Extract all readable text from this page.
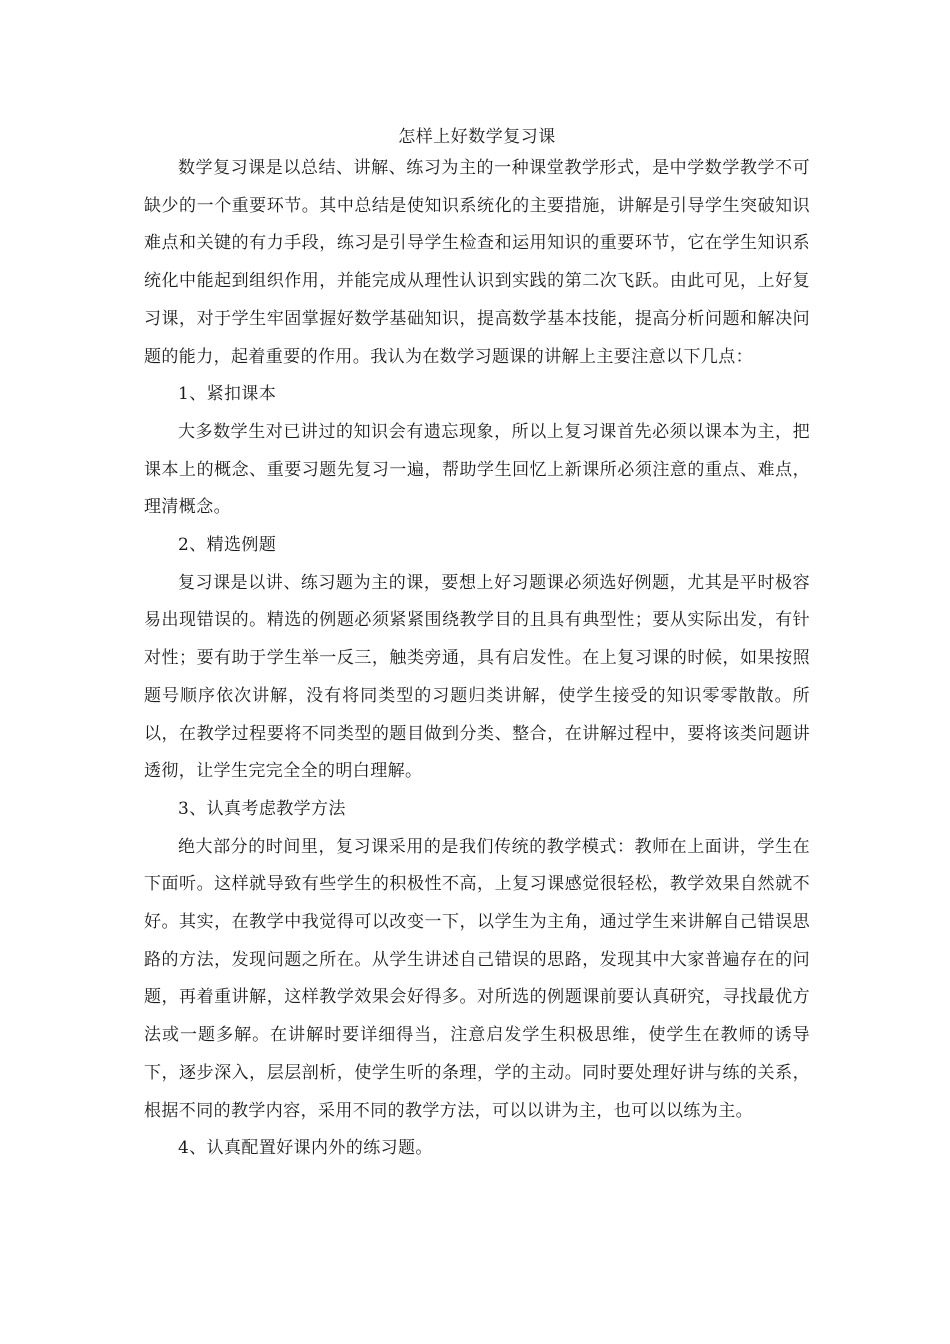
怎样上好数学复习课

数学复习课是以总结、讲解、练习为主的一种课堂教学形式，是中学数学教学不可缺少的一个重要环节。其中总结是使知识系统化的主要措施，讲解是引导学生突破知识难点和关键的有力手段，练习是引导学生检查和运用知识的重要环节，它在学生知识系统化中能起到组织作用，并能完成从理性认识到实践的第二次飞跃。由此可见，上好复习课，对于学生牢固掌握好数学基础知识，提高数学基本技能，提高分析问题和解决问题的能力，起着重要的作用。我认为在数学习题课的讲解上主要注意以下几点：

1、紧扣课本

大多数学生对已讲过的知识会有遗忘现象，所以上复习课首先必须以课本为主，把课本上的概念、重要习题先复习一遍，帮助学生回忆上新课所必须注意的重点、难点，理清概念。

2、精选例题

复习课是以讲、练习题为主的课，要想上好习题课必须选好例题，尤其是平时极容易出现错误的。精选的例题必须紧紧围绕教学目的且具有典型性；要从实际出发，有针对性；要有助于学生举一反三，触类旁通，具有启发性。在上复习课的时候，如果按照题号顺序依次讲解，没有将同类型的习题归类讲解，使学生接受的知识零零散散。所以，在教学过程要将不同类型的题目做到分类、整合，在讲解过程中，要将该类问题讲透彻，让学生完完全全的明白理解。

3、认真考虑教学方法

绝大部分的时间里，复习课采用的是我们传统的教学模式：教师在上面讲，学生在下面听。这样就导致有些学生的积极性不高，上复习课感觉很轻松，教学效果自然就不好。其实，在教学中我觉得可以改变一下，以学生为主角，通过学生来讲解自己错误思路的方法，发现问题之所在。从学生讲述自己错误的思路，发现其中大家普遍存在的问题，再着重讲解，这样教学效果会好得多。对所选的例题课前要认真研究，寻找最优方法或一题多解。在讲解时要详细得当，注意启发学生积极思维，使学生在教师的诱导下，逐步深入，层层剖析，使学生听的条理，学的主动。同时要处理好讲与练的关系，根据不同的教学内容，采用不同的教学方法，可以以讲为主，也可以以练为主。

4、认真配置好课内外的练习题。
